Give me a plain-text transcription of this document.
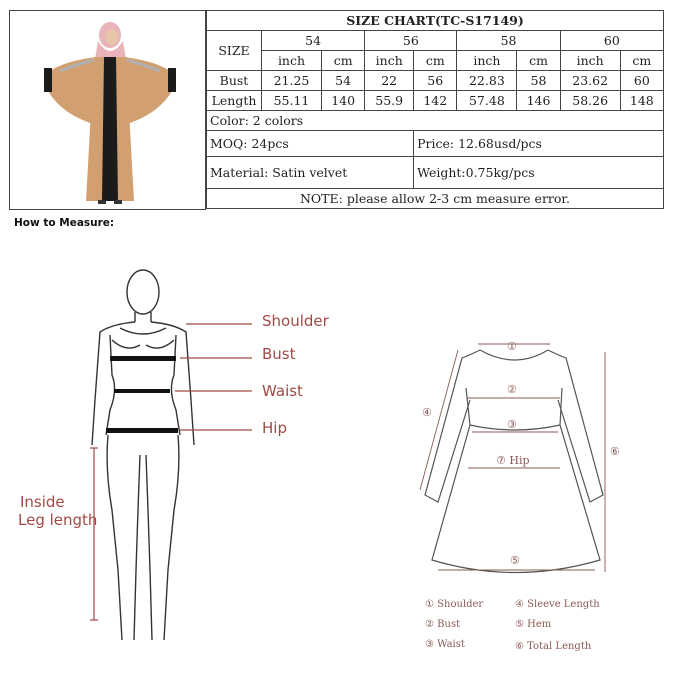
SIZE CHART(TC-S17149)								
SIZE	54		56		58		60	
	inch	cm	inch	cm	inch	cm	inch	cm
Bust	21.25	54	22	56	22.83	58	23.62	60
Length	55.11	140	55.9	142	57.48	146	58.26	148
Color: 2 colors								
MOQ: 24pcs				Price: 12.68usd/pcs				
Material: Satin velvet				Weight:0.75kg/pcs				
NOTE: please allow 2-3 cm measure error.								
How to Measure:
Shoulder
Bust
Waist
Hip
Inside
Leg length
①
②
③
④
⑤
⑥
⑦ Hip
① Shoulder
② Bust
③ Waist
④ Sleeve Length
⑤ Hem
⑥ Total Length
